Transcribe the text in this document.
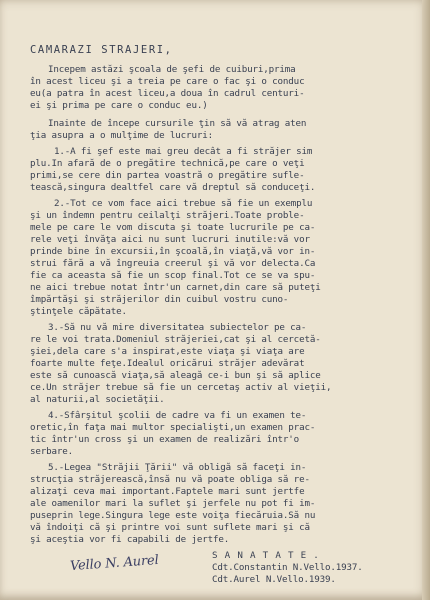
CAMARAZI STRAJERI,
Incepem astăzi şcoala de şefi de cuiburi,prima
în acest liceu şi a treia pe care o fac şi o conduc
eu(a patra în acest liceu,a doua în cadrul centuri-
ei şi prima pe care o conduc eu.)
Inainte de începe cursurile ţin să vă atrag aten
ţia asupra a o mulţime de lucruri:
1.-A fi şef este mai greu decât a fi străjer sim
plu.In afară de o pregătire technică,pe care o veţi
primi,se cere din partea voastră o pregătire sufle-
tească,singura dealtfel care vă dreptul să conduceţi.
2.-Tot ce vom face aici trebue să fie un exemplu
şi un îndemn pentru ceilalţi străjeri.Toate proble-
mele pe care le vom discuta şi toate lucrurile pe ca-
rele veţi învăţa aici nu sunt lucruri inutile:vă vor
prinde bine în excursii,în şcoală,în viaţă,vă vor in-
strui fără a vă îngreuia creerul şi vă vor delecta.Ca
fie ca aceasta să fie un scop final.Tot ce se va spu-
ne aici trebue notat într'un carnet,din care să puteţi
împărtăşi şi străjerilor din cuibul vostru cuno-
ştinţele căpătate.
3.-Să nu vă mire diversitatea subiectelor pe ca-
re le voi trata.Domeniul străjeriei,cat şi al cercetă-
şiei,dela care s'a inspirat,este viaţa şi viaţa are
foarte multe feţe.Idealul oricărui străjer adevărat
este să cunoască viaţa,să aleagă ce-i bun şi să aplice
ce.Un străjer trebue să fie un cercetaş activ al vieţii,
al naturii,al societăţii.
4.-Sfârşitul şcolii de cadre va fi un examen te-
oretic,în faţa mai multor specialişti,un examen prac-
tic într'un cross şi un examen de realizări într'o
serbare.
5.-Legea "Străjii Ţării" vă obligă să faceţi in-
strucţia străjerească,însă nu vă poate obliga să re-
alizaţi ceva mai important.Faptele mari sunt jertfe
ale oamenilor mari la suflet şi jerfele nu pot fi im-
puseprin lege.Singura lege este voiţa fiecăruia.Să nu
vă îndoiţi că şi printre voi sunt suflete mari şi că
şi aceştia vor fi capabili de jertfe.
S A N A T A T E .
Cdt.Constantin N.Vello.1937.
Cdt.Aurel N.Vello.1939.
Vello N. Aurel
